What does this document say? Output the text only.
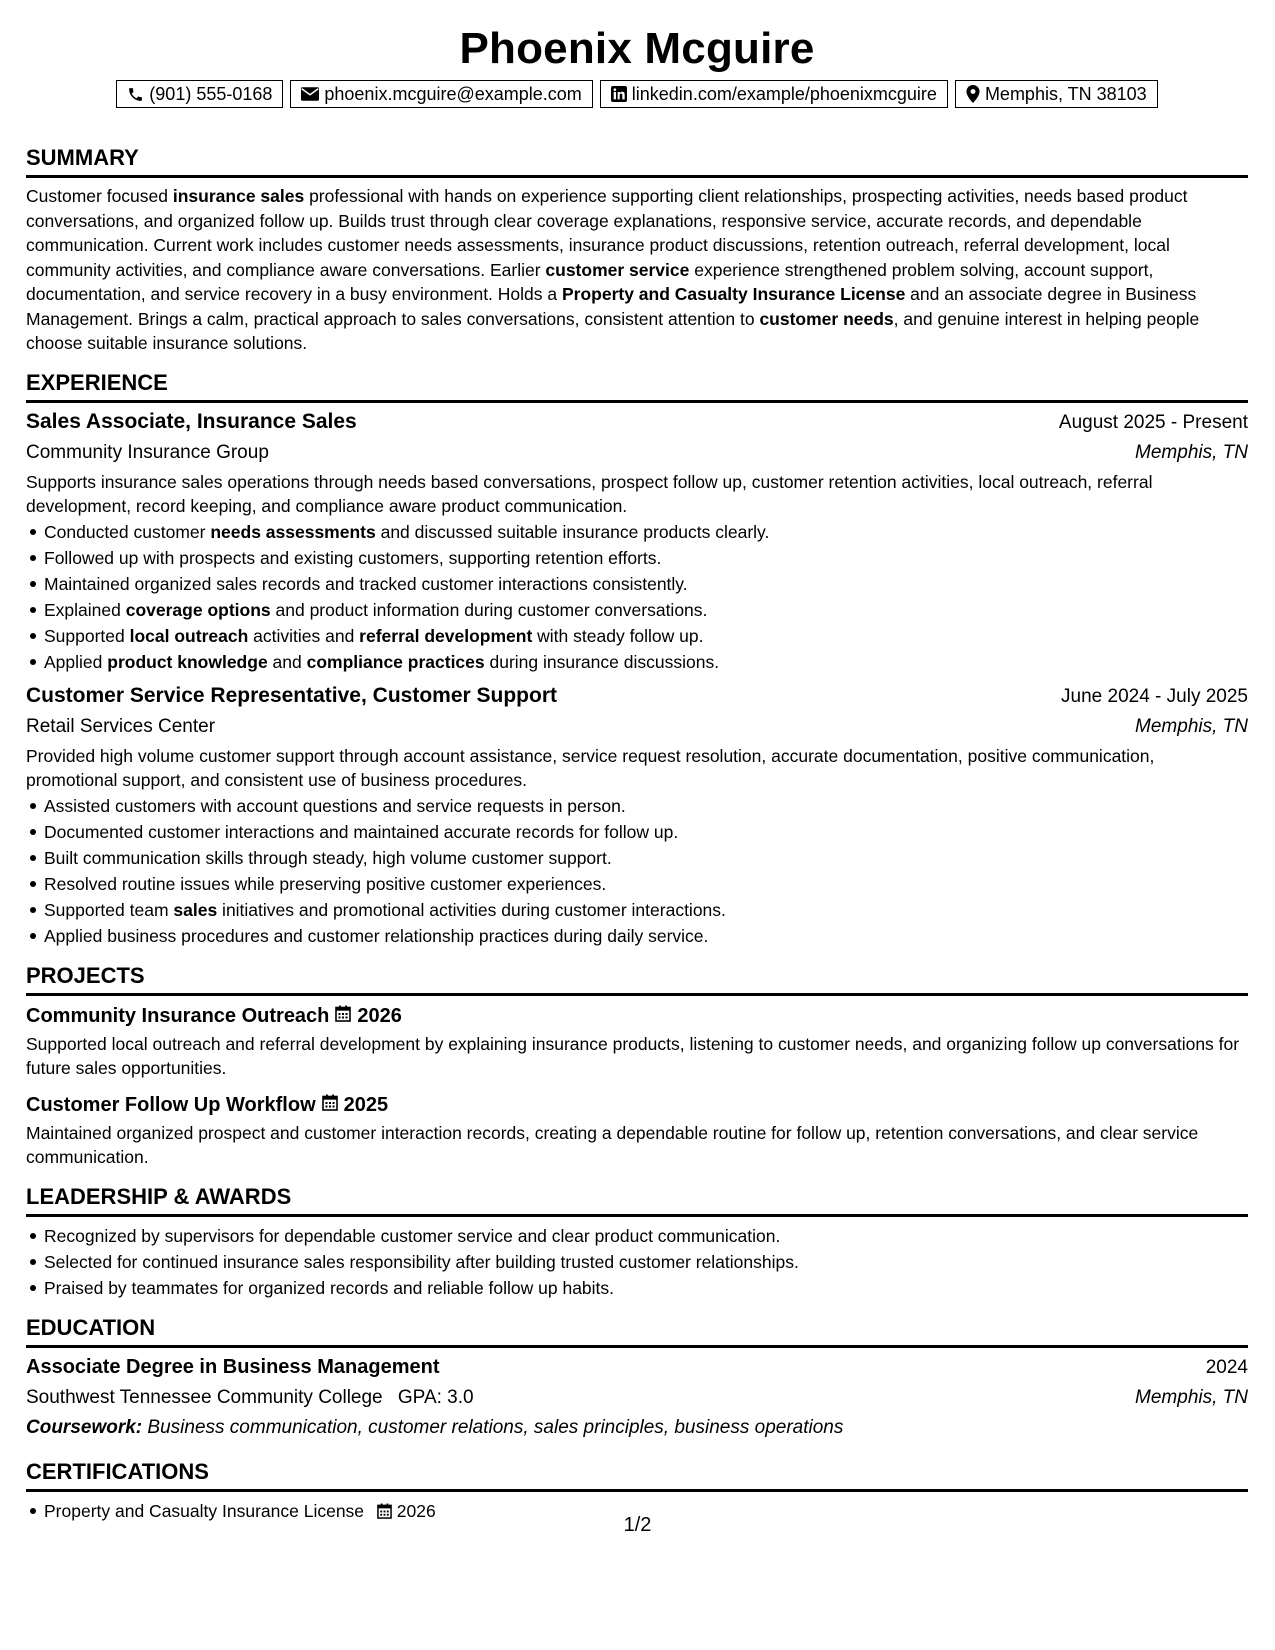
Phoenix Mcguire
(901) 555-0168	phoenix.mcguire@example.com	linkedin.com/example/phoenixmcguire	Memphis, TN 38103
SUMMARY
Customer focused insurance sales professional with hands on experience supporting client relationships, prospecting activities, needs based product conversations, and organized follow up. Builds trust through clear coverage explanations, responsive service, accurate records, and dependable communication. Current work includes customer needs assessments, insurance product discussions, retention outreach, referral development, local community activities, and compliance aware conversations. Earlier customer service experience strengthened problem solving, account support, documentation, and service recovery in a busy environment. Holds a Property and Casualty Insurance License and an associate degree in Business Management. Brings a calm, practical approach to sales conversations, consistent attention to customer needs, and genuine interest in helping people choose suitable insurance solutions.
EXPERIENCE
Sales Associate, Insurance Sales	August 2025 - Present
Community Insurance Group	Memphis, TN
Supports insurance sales operations through needs based conversations, prospect follow up, customer retention activities, local outreach, referral development, record keeping, and compliance aware product communication.
Conducted customer needs assessments and discussed suitable insurance products clearly.
Followed up with prospects and existing customers, supporting retention efforts.
Maintained organized sales records and tracked customer interactions consistently.
Explained coverage options and product information during customer conversations.
Supported local outreach activities and referral development with steady follow up.
Applied product knowledge and compliance practices during insurance discussions.
Customer Service Representative, Customer Support	June 2024 - July 2025
Retail Services Center	Memphis, TN
Provided high volume customer support through account assistance, service request resolution, accurate documentation, positive communication, promotional support, and consistent use of business procedures.
Assisted customers with account questions and service requests in person.
Documented customer interactions and maintained accurate records for follow up.
Built communication skills through steady, high volume customer support.
Resolved routine issues while preserving positive customer experiences.
Supported team sales initiatives and promotional activities during customer interactions.
Applied business procedures and customer relationship practices during daily service.
PROJECTS
Community Insurance Outreach 2026
Supported local outreach and referral development by explaining insurance products, listening to customer needs, and organizing follow up conversations for future sales opportunities.
Customer Follow Up Workflow 2025
Maintained organized prospect and customer interaction records, creating a dependable routine for follow up, retention conversations, and clear service communication.
LEADERSHIP & AWARDS
Recognized by supervisors for dependable customer service and clear product communication.
Selected for continued insurance sales responsibility after building trusted customer relationships.
Praised by teammates for organized records and reliable follow up habits.
EDUCATION
Associate Degree in Business Management	2024
Southwest Tennessee Community College GPA: 3.0	Memphis, TN
Coursework: Business communication, customer relations, sales principles, business operations
CERTIFICATIONS
Property and Casualty Insurance License 2026
1/2
